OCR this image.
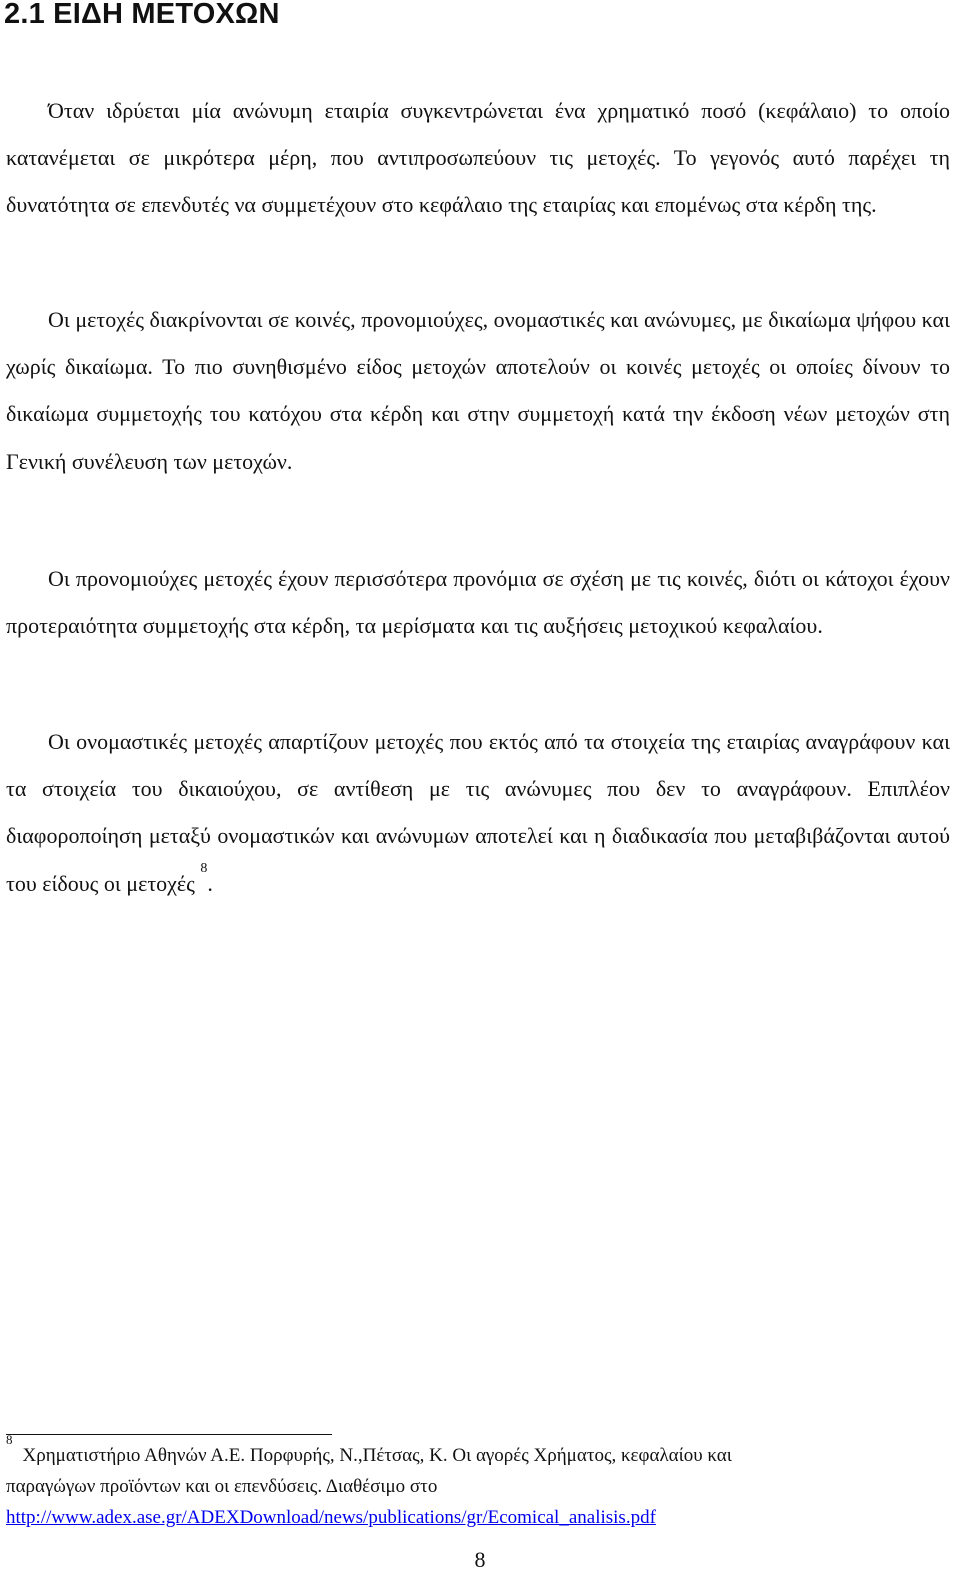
2.1 ΕΙΔΗ ΜΕΤΟΧΩΝ

Όταν ιδρύεται μία ανώνυμη εταιρία συγκεντρώνεται ένα χρηματικό ποσό (κεφάλαιο) το οποίο κατανέμεται σε μικρότερα μέρη, που αντιπροσωπεύουν τις μετοχές. Το γεγονός αυτό παρέχει τη δυνατότητα σε επενδυτές να συμμετέχουν στο κεφάλαιο της εταιρίας και επομένως στα κέρδη της.

Οι μετοχές διακρίνονται σε κοινές, προνομιούχες, ονομαστικές και ανώνυμες, με δικαίωμα ψήφου και χωρίς δικαίωμα. Το πιο συνηθισμένο είδος μετοχών αποτελούν οι κοινές μετοχές οι οποίες δίνουν το δικαίωμα συμμετοχής του κατόχου στα κέρδη και στην συμμετοχή κατά την έκδοση νέων μετοχών στη Γενική συνέλευση των μετοχών.

Οι προνομιούχες μετοχές έχουν περισσότερα προνόμια σε σχέση με τις κοινές, διότι οι κάτοχοι έχουν προτεραιότητα συμμετοχής στα κέρδη, τα μερίσματα και τις αυξήσεις μετοχικού κεφαλαίου.

Οι ονομαστικές μετοχές απαρτίζουν μετοχές που εκτός από τα στοιχεία της εταιρίας αναγράφουν και τα στοιχεία του δικαιούχου, σε αντίθεση με τις ανώνυμες που δεν το αναγράφουν. Επιπλέον διαφοροποίηση μεταξύ ονομαστικών και ανώνυμων αποτελεί και η διαδικασία που μεταβιβάζονται αυτού του είδους οι μετοχές $^8$.

$^8$Χρηματιστήριο Αθηνών Α.Ε. Πορφυρής, Ν.,Πέτσας, Κ. Οι αγορές Χρήματος, κεφαλαίου και
παραγώγων προϊόντων και οι επενδύσεις. Διαθέσιμο στο
http://www.adex.ase.gr/ADEXDownload/news/publications/gr/Ecomical_analisis.pdf

8
